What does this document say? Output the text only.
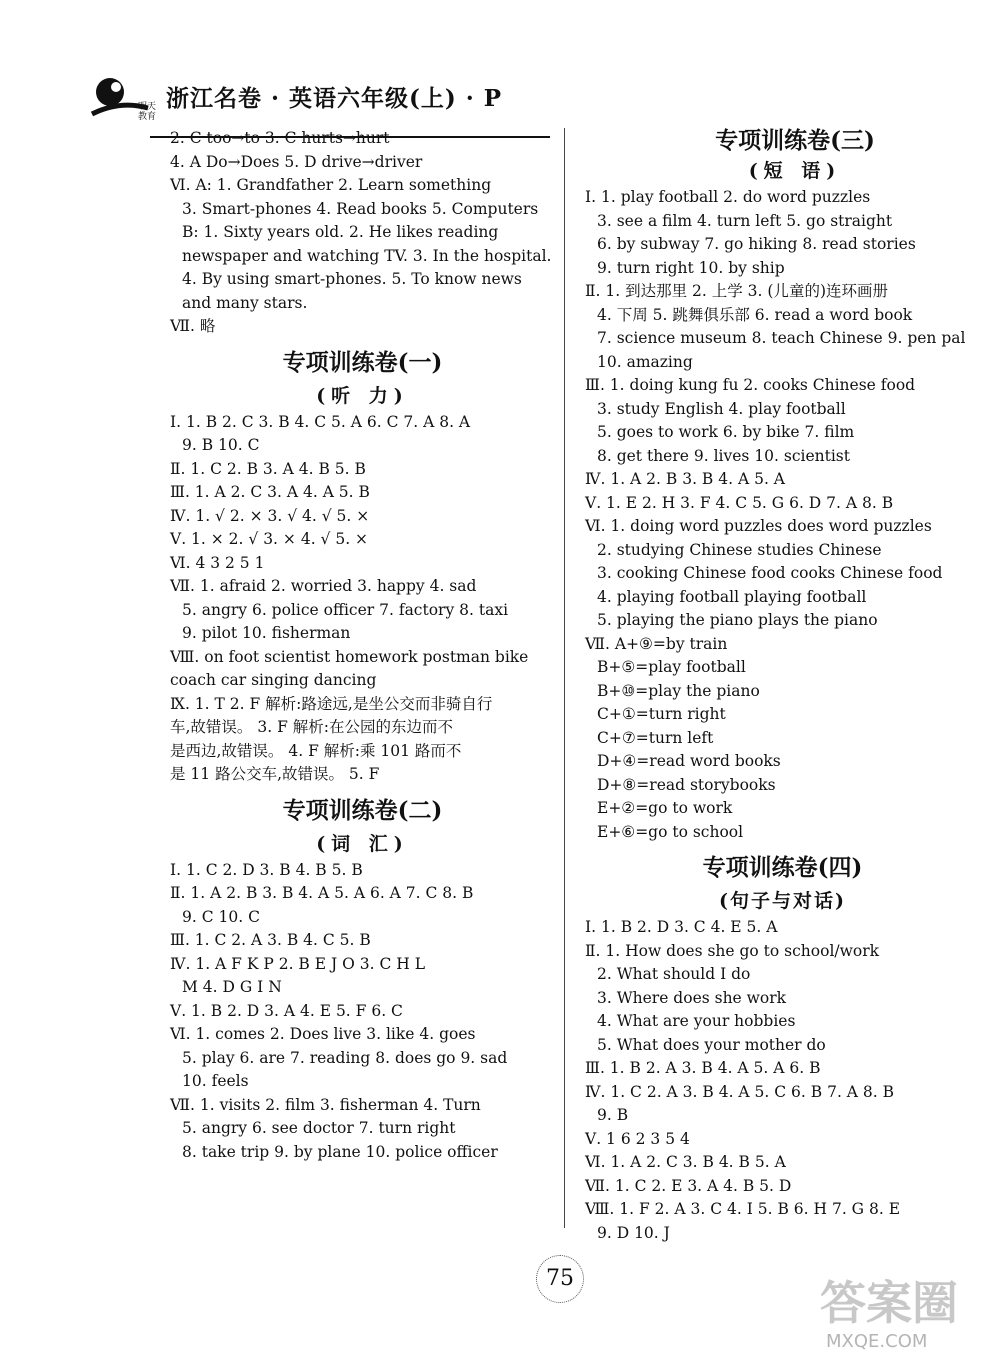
明天教育
浙江名卷 · 英语六年级(上) · P
2. C too→to 3. C hurts→hurt
4. A Do→Does 5. D drive→driver
Ⅵ. A: 1. Grandfather 2. Learn something
3. Smart-phones 4. Read books 5. Computers
B: 1. Sixty years old. 2. He likes reading
newspaper and watching TV. 3. In the hospital.
4. By using smart-phones. 5. To know news
and many stars.
Ⅶ. 略
专项训练卷(一)
(听 力)
Ⅰ. 1. B 2. C 3. B 4. C 5. A 6. C 7. A 8. A
9. B 10. C
Ⅱ. 1. C 2. B 3. A 4. B 5. B
Ⅲ. 1. A 2. C 3. A 4. A 5. B
Ⅳ. 1. √ 2. × 3. √ 4. √ 5. ×
Ⅴ. 1. × 2. √ 3. × 4. √ 5. ×
Ⅵ. 4 3 2 5 1
Ⅶ. 1. afraid 2. worried 3. happy 4. sad
5. angry 6. police officer 7. factory 8. taxi
9. pilot 10. fisherman
Ⅷ. on foot scientist homework postman bike
coach car singing dancing
Ⅸ. 1. T 2. F 解析:路途远,是坐公交而非骑自行
车,故错误。 3. F 解析:在公园的东边而不
是西边,故错误。 4. F 解析:乘 101 路而不
是 11 路公交车,故错误。 5. F
专项训练卷(二)
(词 汇)
Ⅰ. 1. C 2. D 3. B 4. B 5. B
Ⅱ. 1. A 2. B 3. B 4. A 5. A 6. A 7. C 8. B
9. C 10. C
Ⅲ. 1. C 2. A 3. B 4. C 5. B
Ⅳ. 1. A F K P 2. B E J O 3. C H L
M 4. D G I N
Ⅴ. 1. B 2. D 3. A 4. E 5. F 6. C
Ⅵ. 1. comes 2. Does live 3. like 4. goes
5. play 6. are 7. reading 8. does go 9. sad
10. feels
Ⅶ. 1. visits 2. film 3. fisherman 4. Turn
5. angry 6. see doctor 7. turn right
8. take trip 9. by plane 10. police officer
专项训练卷(三)
(短 语)
Ⅰ. 1. play football 2. do word puzzles
3. see a film 4. turn left 5. go straight
6. by subway 7. go hiking 8. read stories
9. turn right 10. by ship
Ⅱ. 1. 到达那里 2. 上学 3. (儿童的)连环画册
4. 下周 5. 跳舞俱乐部 6. read a word book
7. science museum 8. teach Chinese 9. pen pal
10. amazing
Ⅲ. 1. doing kung fu 2. cooks Chinese food
3. study English 4. play football
5. goes to work 6. by bike 7. film
8. get there 9. lives 10. scientist
Ⅳ. 1. A 2. B 3. B 4. A 5. A
Ⅴ. 1. E 2. H 3. F 4. C 5. G 6. D 7. A 8. B
Ⅵ. 1. doing word puzzles does word puzzles
2. studying Chinese studies Chinese
3. cooking Chinese food cooks Chinese food
4. playing football playing football
5. playing the piano plays the piano
Ⅶ. A+⑨=by train
B+⑤=play football
B+⑩=play the piano
C+①=turn right
C+⑦=turn left
D+④=read word books
D+⑧=read storybooks
E+②=go to work
E+⑥=go to school
专项训练卷(四)
(句子与对话)
Ⅰ. 1. B 2. D 3. C 4. E 5. A
Ⅱ. 1. How does she go to school/work
2. What should I do
3. Where does she work
4. What are your hobbies
5. What does your mother do
Ⅲ. 1. B 2. A 3. B 4. A 5. A 6. B
Ⅳ. 1. C 2. A 3. B 4. A 5. C 6. B 7. A 8. B
9. B
Ⅴ. 1 6 2 3 5 4
Ⅵ. 1. A 2. C 3. B 4. B 5. A
Ⅶ. 1. C 2. E 3. A 4. B 5. D
Ⅷ. 1. F 2. A 3. C 4. I 5. B 6. H 7. G 8. E
9. D 10. J
75	答案圈
MXQE.COM
